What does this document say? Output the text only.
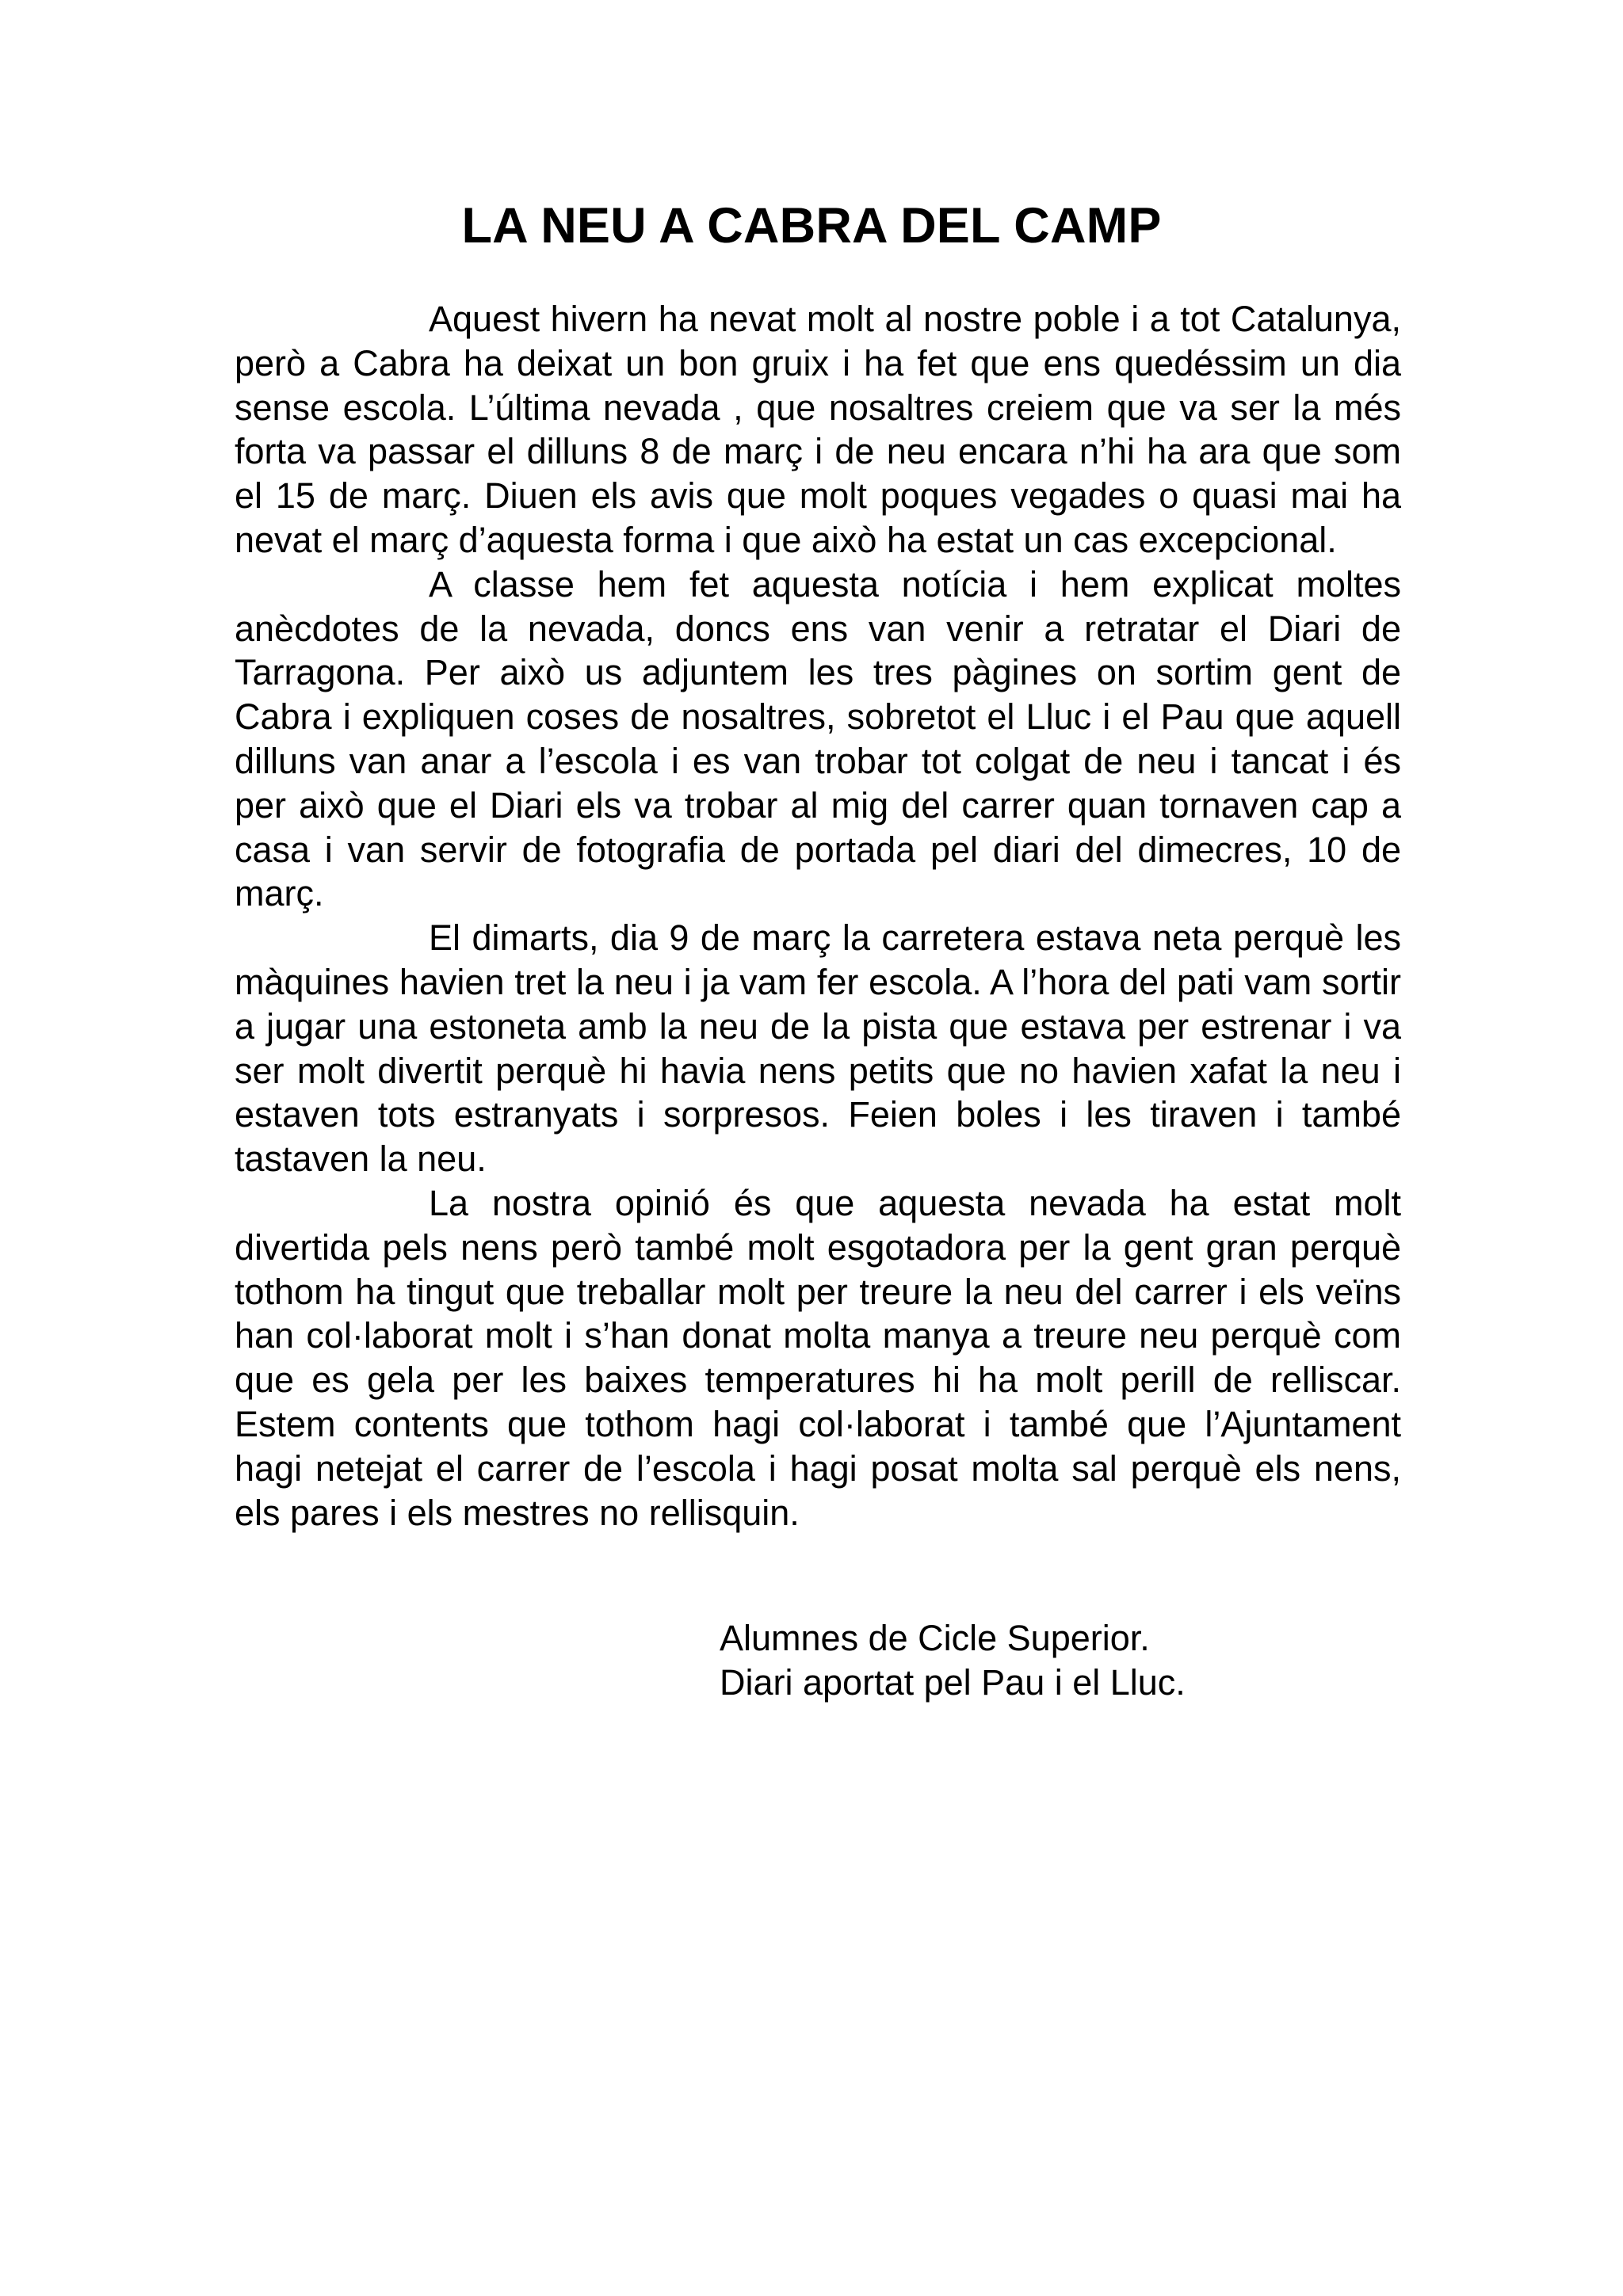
LA NEU A CABRA DEL CAMP

Aquest hivern ha nevat molt al nostre poble i a tot Catalunya, però a Cabra ha deixat un bon gruix i ha fet que ens quedéssim un dia sense escola. L’última nevada , que nosaltres creiem que va ser la més forta va passar el dilluns 8 de març i de neu encara n’hi ha ara que som el 15 de març. Diuen els avis que molt poques vegades o quasi mai ha nevat el març d’aquesta forma i que això ha estat un cas excepcional.

A classe hem fet aquesta notícia i hem explicat moltes anècdotes de la nevada, doncs ens van venir a retratar el Diari de Tarragona. Per això us adjuntem les tres pàgines on sortim gent de Cabra i expliquen coses de nosaltres, sobretot el Lluc i el Pau que aquell dilluns van anar a l’escola i es van trobar tot colgat de neu i tancat i és per això que el Diari els va trobar al mig del carrer quan tornaven cap a casa i van servir de fotografia de portada pel diari del dimecres, 10 de març.

El dimarts, dia 9 de març la carretera estava neta perquè les màquines havien tret la neu i ja vam fer escola. A l’hora del pati vam sortir a jugar una estoneta amb la neu de la pista que estava per estrenar i va ser molt divertit perquè hi havia nens petits que no havien xafat la neu i estaven tots estranyats i sorpresos. Feien boles i les tiraven i també tastaven la neu.

La nostra opinió és que aquesta nevada ha estat molt divertida pels nens però també molt esgotadora per la gent gran perquè tothom ha tingut que treballar molt per treure la neu del carrer i els veïns han col·laborat molt i s’han donat molta manya a treure neu perquè com que es gela per les baixes temperatures hi ha molt perill de relliscar. Estem contents que tothom hagi col·laborat i també que l’Ajuntament hagi netejat el carrer de l’escola i hagi posat molta sal perquè els nens, els pares i els mestres no rellisquin.

Alumnes de Cicle Superior.
Diari aportat pel Pau i el Lluc.
